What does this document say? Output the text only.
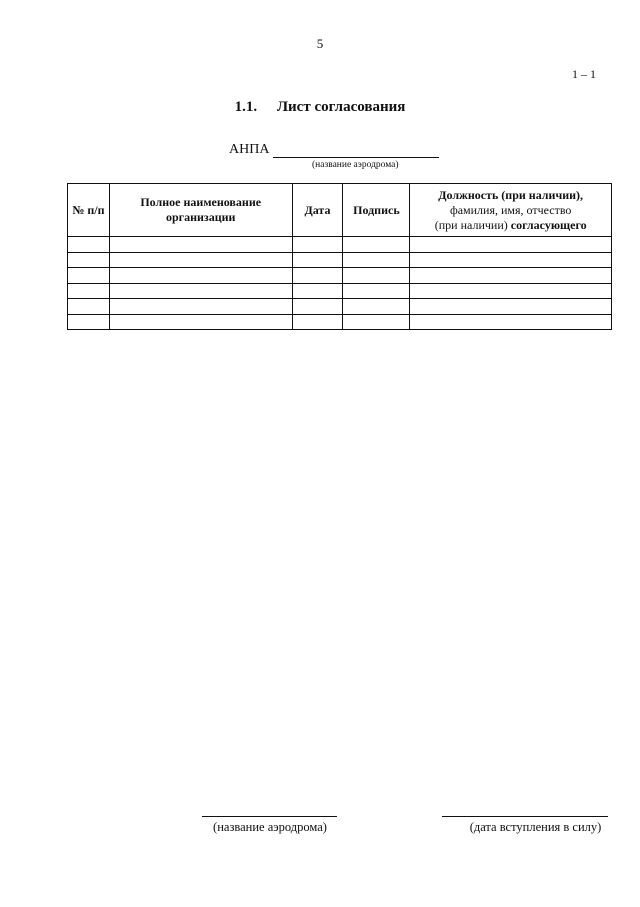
5
1 – 1
1.1. Лист согласования
АНПА
(название аэродрома)
№ п/п	Полное наименование организации	Дата	Подпись	Должность (при наличии),
фамилия, имя, отчество
(при наличии) согласующего

(название аэродрома)	(дата вступления в силу)
